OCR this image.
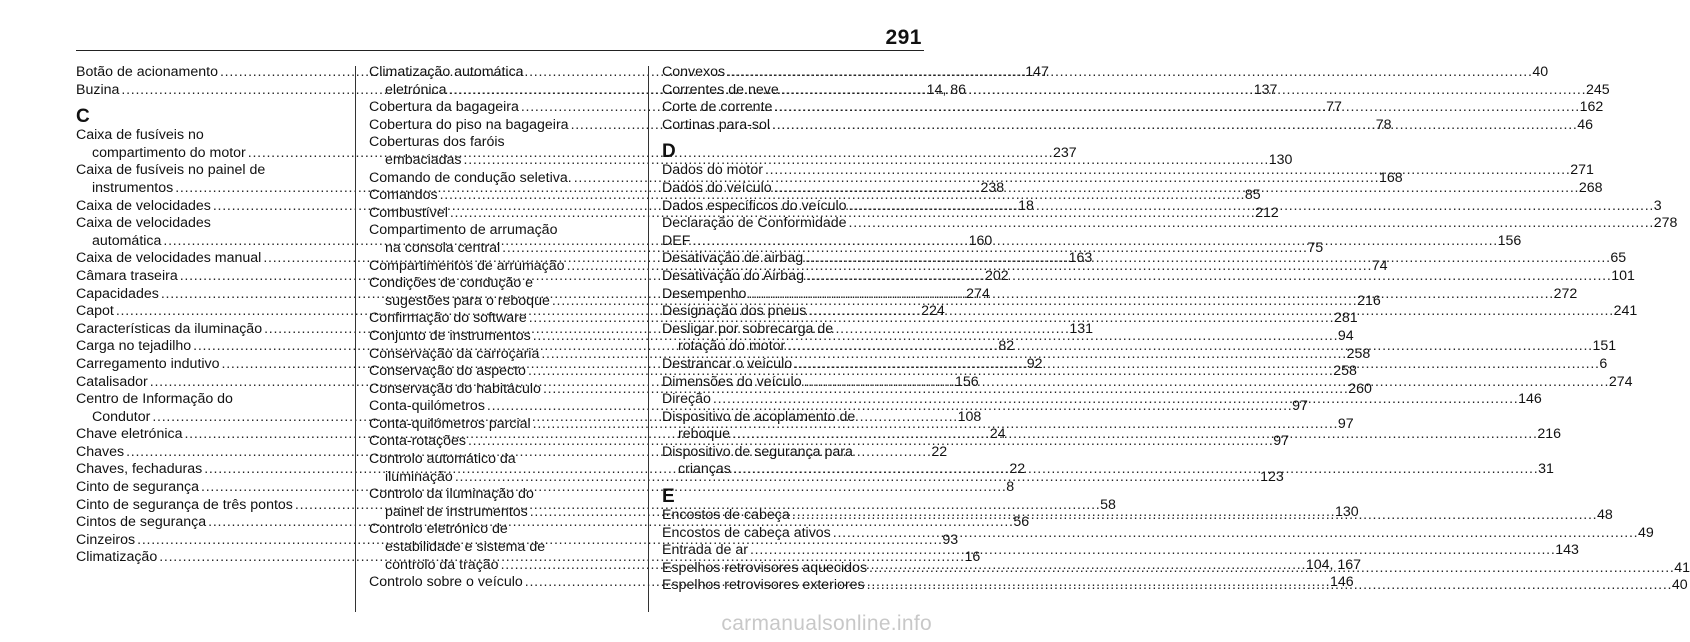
291
Botão de acionamento . . .	147
Buzina . . .	14, 86
C
Caixa de fusíveis no
compartimento do motor . . .	237
Caixa de fusíveis no painel de
instrumentos . . .	238
Caixa de velocidades . . .	18
Caixa de velocidades
automática . . .	160
Caixa de velocidades manual . . .	163
Câmara traseira . . .	202
Capacidades . . .	274
Capot . . .	224
Características da iluminação . . .	131
Carga no tejadilho . . .	82
Carregamento indutivo . . .	92
Catalisador . . .	156
Centro de Informação do
Condutor . . .	108
Chave eletrónica . . .	24
Chaves . . .	22
Chaves, fechaduras . . .	22
Cinto de segurança . . .	8
Cinto de segurança de três pontos . . .	58
Cintos de segurança . . .	56
Cinzeiros . . .	93
Climatização . . .	16
Climatização automática
eletrónica . . .	137
Cobertura da bagageira . . .	77
Cobertura do piso na bagageira . . .	78
Coberturas dos faróis
embaciadas . . .	130
Comando de condução seletiva. . . .	168
Comandos . . .	85
Combustível . . .	212
Compartimento de arrumação
na consola central . . .	75
Compartimentos de arrumação . . .	74
Condições de condução e
sugestões para o reboque . . .	216
Confirmação do software . . .	281
Conjunto de instrumentos . . .	94
Conservação da carroçaria . . .	258
Conservação do aspecto . . .	258
Conservação do habitáculo . . .	260
Conta-quilómetros . . .	97
Conta-quilómetros parcial . . .	97
Conta-rotações . . .	97
Controlo automático da
iluminação . . .	123
Controlo da iluminação do
painel de instrumentos . . .	130
Controlo eletrónico de
estabilidade e sistema de
controlo da tração . . .	104, 167
Controlo sobre o veículo . . .	146
Convexos . . .	40
Correntes de neve . . .	245
Corte de corrente . . .	162
Cortinas para-sol . . .	46
D
Dados do motor . . .	271
Dados do veículo . . .	268
Dados específicos do veículo . . .	3
Declaração de Conformidade . . .	278
DEF . . .	156
Desativação de airbag . . .	65
Desativação do Airbag . . .	101
Desempenho . . .	272
Designação dos pneus . . .	241
Desligar por sobrecarga de
rotação do motor . . .	151
Destrancar o veículo . . .	6
Dimensões do veículo . . .	274
Direção . . .	146
Dispositivo de acoplamento de
reboque . . .	216
Dispositivo de segurança para
crianças . . .	31
E
Encostos de cabeça . . .	48
Encostos de cabeça ativos . . .	49
Entrada de ar . . .	143
Espelhos retrovisores aquecidos . . .	41
Espelhos retrovisores exteriores . . .	40
carmanualsonline.info
